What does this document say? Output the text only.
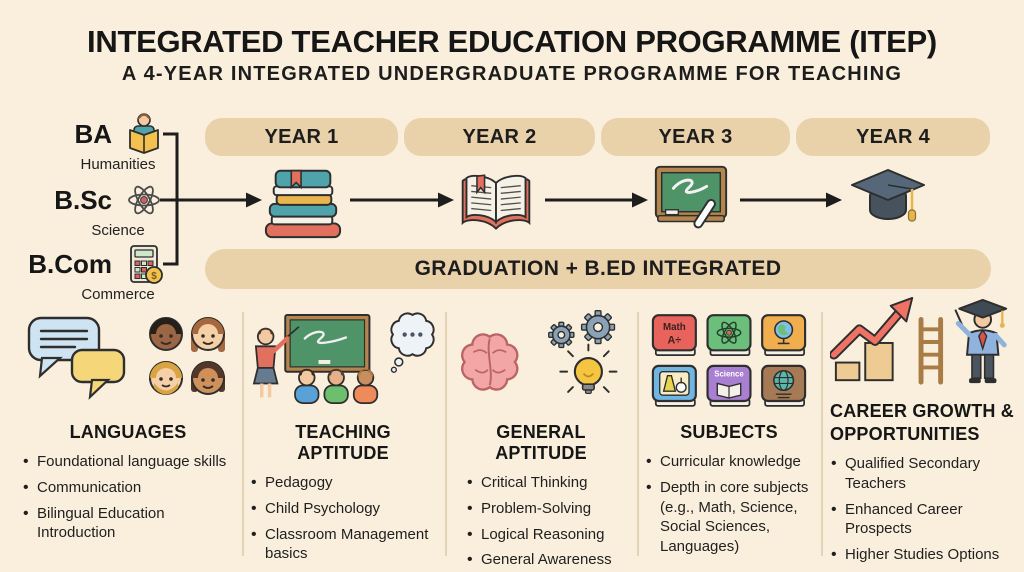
INTEGRATED TEACHER EDUCATION PROGRAMME (ITEP)
A 4-YEAR INTEGRATED UNDERGRADUATE PROGRAMME FOR TEACHING
BA
Humanities
B.Sc
Science
B.Com	$
Commerce
YEAR 1	YEAR 2	YEAR 3	YEAR 4
GRADUATION + B.ED INTEGRATED
LANGUAGES
• Foundational language skills
• Communication
• Bilingual Education Introduction
TEACHING APTITUDE
• Pedagogy
• Child Psychology
• Classroom Management basics
GENERAL APTITUDE
• Critical Thinking
• Problem-Solving
• Logical Reasoning
• General Awareness
Math
A÷
Science
SUBJECTS
• Curricular knowledge
• Depth in core subjects (e.g., Math, Science, Social Sciences, Languages)
CAREER GROWTH & OPPORTUNITIES
• Qualified Secondary Teachers
• Enhanced Career Prospects
• Higher Studies Options
